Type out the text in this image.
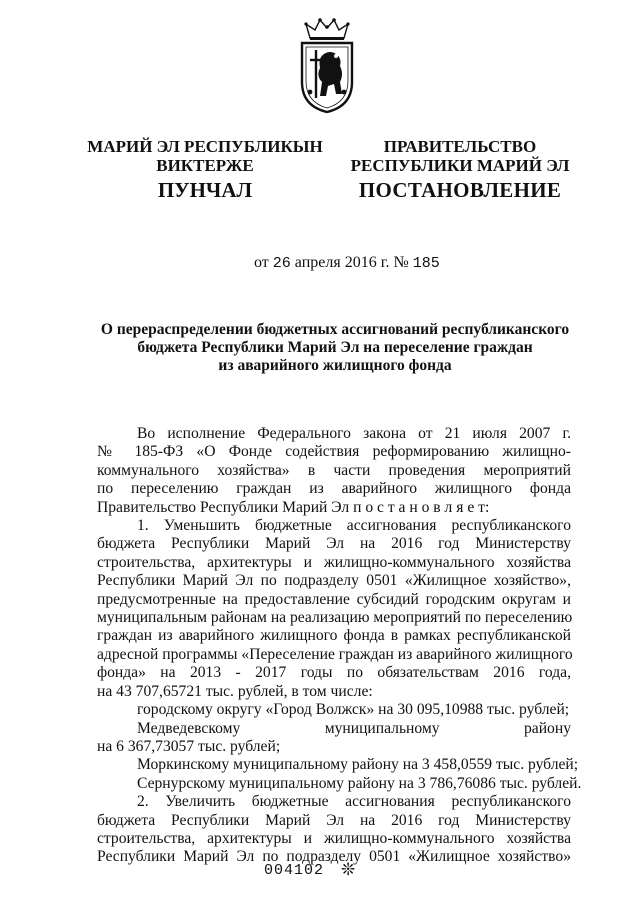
МАРИЙ ЭЛ РЕСПУБЛИКЫН
ВИКТЕРЖЕ
ПРАВИТЕЛЬСТВО
РЕСПУБЛИКИ МАРИЙ ЭЛ
ПУНЧАЛ	ПОСТАНОВЛЕНИЕ
от 26 апреля 2016 г. № 185
О перераспределении бюджетных ассигнований республиканского
бюджета Республики Марий Эл на переселение граждан
из аварийного жилищного фонда
Во исполнение Федерального закона от 21 июля 2007 г.
№ 185-ФЗ «О Фонде содействия реформированию жилищно-
коммунального хозяйства» в части проведения мероприятий
по переселению граждан из аварийного жилищного фонда
Правительство Республики Марий Эл п о с т а н о в л я е т:
1. Уменьшить бюджетные ассигнования республиканского
бюджета Республики Марий Эл на 2016 год Министерству
строительства, архитектуры и жилищно-коммунального хозяйства
Республики Марий Эл по подразделу 0501 «Жилищное хозяйство»,
предусмотренные на предоставление субсидий городским округам и
муниципальным районам на реализацию мероприятий по переселению
граждан из аварийного жилищного фонда в рамках республиканской
адресной программы «Переселение граждан из аварийного жилищного
фонда» на 2013 - 2017 годы по обязательствам 2016 года,
на 43 707,65721 тыс. рублей, в том числе:
городскому округу «Город Волжск» на 30 095,10988 тыс. рублей;
Медведевскому муниципальному району
на 6 367,73057 тыс. рублей;
Моркинскому муниципальному району на 3 458,0559 тыс. рублей;
Сернурскому муниципальному району на 3 786,76086 тыс. рублей.
2. Увеличить бюджетные ассигнования республиканского
бюджета Республики Марий Эл на 2016 год Министерству
строительства, архитектуры и жилищно-коммунального хозяйства
Республики Марий Эл по подразделу 0501 «Жилищное хозяйство»
004102 ❊
